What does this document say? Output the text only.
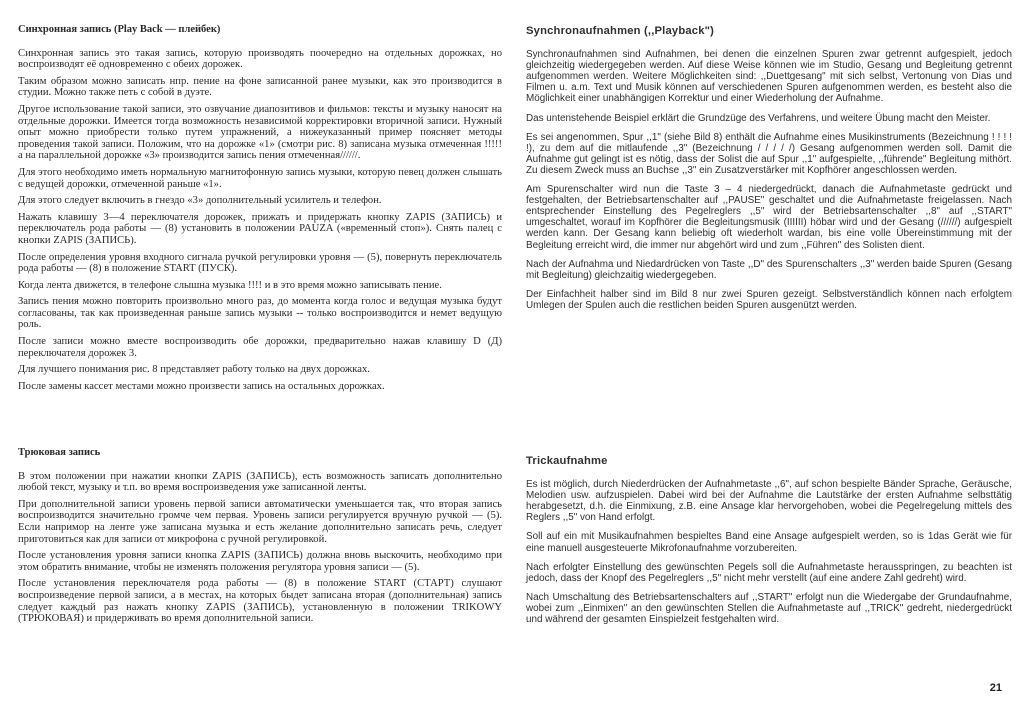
Синхронная запись (Play Back — плейбек)

Синхронная запись это такая запись, которую производять поочередно на отдельных дорожках, но воспроизводят её одновременно с обеих дорожек.

Таким образом можно записать нпр. пение на фоне записанной ранее музыки, как это производится в студии. Можно также петь с собой в дуэте.

Другое использование такой записи, это озвучание диапозитивов и фильмов: тексты и музыку наносят на отдельные дорожки. Имеется тогда возможность независимой корректировки вторичной записи. Нужный опыт можно приобрести только путем упражнений, а нижеуказанный пример поясняет методы проведения такой записи. Положим, что на дорожке «1» (смотри рис. 8) записана музыка отмеченная !!!!! а на параллельной дорожке «3» производится запись пения отмеченная//////.

Для этого необходимо иметь нормальную магнитофонную запись музыки, которую певец должен слышать с ведущей дорожки, отмеченной раньше «1».

Для этого следует включить в гнездо «3» дополнительный усилитель и телефон.

Нажать клавишу 3—4 переключателя дорожек, прижать и придержать кнопку ZAPIS (ЗАПИСЬ) и переключатель рода работы — (8) установить в положении PAUZA («временный стоп»). Снять палец с кнопки ZAPIS (ЗАПИСЬ).

После определения уровня входного сигнала ручкой регулировки уровня — (5), повернуть переключатель рода работы — (8) в положение START (ПУСК).

Когда лента движется, в телефоне слышна музыка !!!! и в это время можно записывать пение.

Запись пения можно повторить произвольно много раз, до момента когда голос и ведущая музыка будут согласованы, так как произведенная раньше запись музыки -- только воспроизводится и немет ведущую роль.

После записи можно вместе воспроизводить обе дорожки, предварительно нажав клавишу D (Д) переключателя дорожек 3.

Для лучшего понимания рис. 8 представляет работу только на двух дорожках.

После замены кассет местами можно произвести запись на остальных дорожках.

Трюковая запись

В этом положении при нажатии кнопки ZAPIS (ЗАПИСЬ), есть возможность записать дополнительно любой текст, музыку и т.п. во время воспроизведения уже записанной ленты.

При дополнительной записи уровень первой записи автоматически уменьшается так, что вторая запись воспроизводится значительно громче чем первая. Уровень записи регулируется вручную ручкой — (5). Если напримор на ленте уже записана музыка и есть желание дополнительно записать речь, следует приготовиться как для записи от микрофона с ручной регулировкой.

После установления уровня записи кнопка ZAPIS (ЗАПИСЬ) должна вновь выскочить, необходимо при этом обратить внимание, чтобы не изменять положения регулятора уровня записи — (5).

После установления переключателя рода работы — (8) в положение START (СТАРТ) слушают воспроизведение первой записи, а в местах, на которых быдет записана вторая (дополнительная) запись следует каждый раз нажать кнопку ZAPIS (ЗАПИСЬ), установленную в положении TRIKOWY (ТРЮКОВАЯ) и придерживать во время дополнительной записи.

Synchronaufnahmen (,,Playback")

Synchronaufnahmen sind Aufnahmen, bei denen die einzelnen Spuren zwar getrennt aufgespielt, jedoch gleichzeitig wiedergegeben werden. Auf diese Weise können wie im Studio, Gesang und Begleitung getrennt aufgenommen werden. Weitere Möglichkeiten sind: ,,Duettgesang" mit sich selbst, Vertonung von Dias und Filmen u. a.m. Text und Musik können auf verschiedenen Spuren aufgenommen werden, es besteht also die Möglichkeit einer unabhängigen Korrektur und einer Wiederholung der Aufnahme.

Das untenstehende Beispiel erklärt die Grundzüge des Verfahrens, und weitere Übung macht den Meister.

Es sei angenommen, Spur ,,1" (siehe Bild 8) enthält die Aufnahme eines Musikinstruments (Bezeichnung ! ! ! ! !), zu dem auf die mitlaufende ,,3" (Bezeichnung / / / / /) Gesang aufgenommen werden soll. Damit die Aufnahme gut gelingt ist es nötig, dass der Solist die auf Spur ,,1" aufgespielte, ,,führende" Begleitung mithört. Zu diesem Zweck muss an Buchse ,,3" ein Zusatzverstärker mit Kopfhörer angeschlossen werden.

Am Spurenschalter wird nun die Taste 3 – 4 niedergedrückt, danach die Aufnahmetaste gedrückt und festgehalten, der Betriebsartenschalter auf ,,PAUSE" geschaltet und die Aufnahmetaste freigelassen. Nach entsprechender Einstellung des Pegelreglers ,,5" wird der Betriebsartenschalter ,,8" auf ,,START" umgeschaltet, worauf im Kopfhörer die Begleitungsmusik (IIIIII) höbar wird und der Gesang (//////) aufgespielt werden kann. Der Gesang kann beliebig oft wiederholt wardan, bis eine volle Übereinstimmung mit der Begleitung erreicht wird, die immer nur abgehört wird und zum ,,Führen" des Solisten dient.

Nach der Aufnahma und Niedardrücken von Taste ,,D" des Spurenschalters ,,3" werden baide Spuren (Gesang mit Begleitung) gleichzaitig wiedergegeben.

Der Einfachheit halber sind im Bild 8 nur zwei Spuren gezeigt. Selbstverständlich können nach erfolgtem Umlegen der Spulen auch die restlichen beiden Spuren ausgenützt werden.

Trickaufnahme

Es ist möglich, durch Niederdrücken der Aufnahmetaste ,,6", auf schon bespielte Bänder Sprache, Geräusche, Melodien usw. aufzuspielen. Dabei wird bei der Aufnahme die Lautstärke der ersten Aufnahme selbsttätig herabgesetzt, d.h. die Einmixung, z.B. eine Ansage klar hervorgehoben, wobei die Pegelregelung mittels des Reglers ,,5" von Hand erfolgt.

Soll auf ein mit Musikaufnahmen bespieltes Band eine Ansage aufgespielt werden, so is 1das Gerät wie für eine manuell ausgesteuerte Mikrofonaufnahme vorzubereiten.

Nach erfolgter Einstellung des gewünschten Pegels soll die Aufnahmetaste herausspringen, zu beachten ist jedoch, dass der Knopf des Pegelreglers ,,5" nicht mehr verstellt (auf eine andere Zahl gedreht) wird.

Nach Umschaltung des Betriebsartenschalters auf ,,START" erfolgt nun die Wiedergabe der Grundaufnahme, wobei zum ,,Einmixen" an den gewünschten Stellen die Aufnahmetaste auf ,,TRICK" gedreht, niedergedrückt und während der gesamten Einspielzeit festgehalten wird.

21
